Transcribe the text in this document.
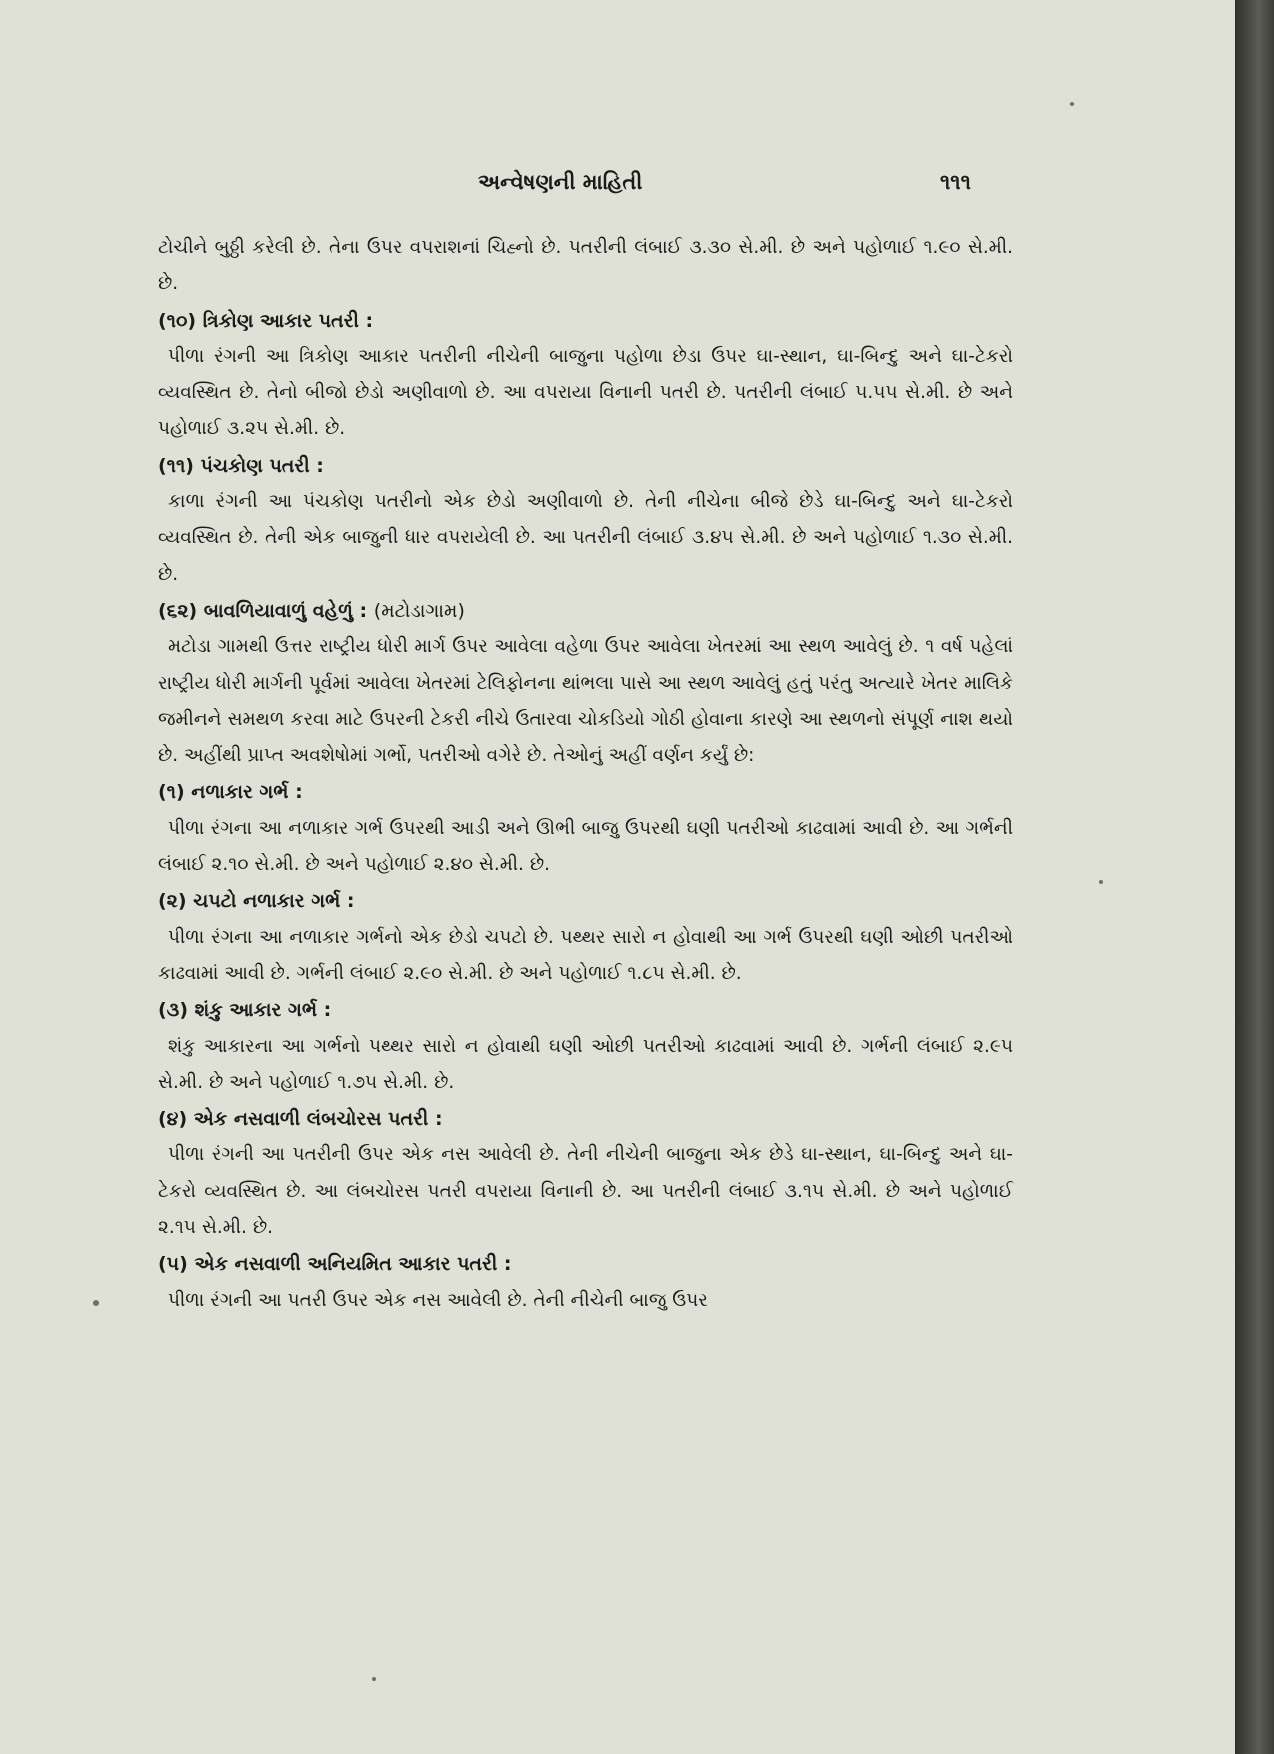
અન્વેષણની માહિતી	૧૧૧

ટોચીને બુઠ્ઠી કરેલી છે. તેના ઉપર વપરાશનાં ચિહ્નો છે. પતરીની લંબાઈ ૩.૩૦ સે.મી. છે અને પહોળાઈ ૧.૯૦ સે.મી. છે.

(૧૦) ત્રિકોણ આકાર પતરી :

પીળા રંગની આ ત્રિકોણ આકાર પતરીની નીચેની બાજુના પહોળા છેડા ઉપર ઘા-સ્થાન, ઘા-બિન્દુ અને ઘા-ટેકરો વ્યવસ્થિત છે. તેનો બીજો છેડો અણીવાળો છે. આ વપરાયા વિનાની પતરી છે. પતરીની લંબાઈ ૫.૫૫ સે.મી. છે અને પહોળાઈ ૩.૨૫ સે.મી. છે.

(૧૧) પંચકોણ પતરી :

કાળા રંગની આ પંચકોણ પતરીનો એક છેડો અણીવાળો છે. તેની નીચેના બીજે છેડે ઘા-બિન્દુ અને ઘા-ટેકરો વ્યવસ્થિત છે. તેની એક બાજુની ધાર વપરાયેલી છે. આ પતરીની લંબાઈ ૩.૪૫ સે.મી. છે અને પહોળાઈ ૧.૩૦ સે.મી. છે.

(૬૨) બાવળિયાવાળું વહેળું : (મટોડાગામ)

મટોડા ગામથી ઉત્તર રાષ્ટ્રીય ધોરી માર્ગ ઉપર આવેલા વહેળા ઉપર આવેલા ખેતરમાં આ સ્થળ આવેલું છે. ૧ વર્ષ પહેલાં રાષ્ટ્રીય ધોરી માર્ગની પૂર્વમાં આવેલા ખેતરમાં ટેલિફોનના થાંભલા પાસે આ સ્થળ આવેલું હતું પરંતુ અત્યારે ખેતર માલિકે જમીનને સમથળ કરવા માટે ઉપરની ટેકરી નીચે ઉતારવા ચોકડિયો ગોઠી હોવાના કારણે આ સ્થળનો સંપૂર્ણ નાશ થયો છે. અહીંથી પ્રાપ્ત અવશેષોમાં ગર્ભો, પતરીઓ વગેરે છે. તેઓનું અહીં વર્ણન કર્યું છે:

(૧) નળાકાર ગર્ભ :

પીળા રંગના આ નળાકાર ગર્ભ ઉપરથી આડી અને ઊભી બાજુ ઉપરથી ઘણી પતરીઓ કાઢવામાં આવી છે. આ ગર્ભની લંબાઈ ૨.૧૦ સે.મી. છે અને પહોળાઈ ૨.૪૦ સે.મી. છે.

(૨) ચપટો નળાકાર ગર્ભ :

પીળા રંગના આ નળાકાર ગર્ભનો એક છેડો ચપટો છે. પથ્થર સારો ન હોવાથી આ ગર્ભ ઉપરથી ઘણી ઓછી પતરીઓ કાઢવામાં આવી છે. ગર્ભની લંબાઈ ૨.૯૦ સે.મી. છે અને પહોળાઈ ૧.૮૫ સે.મી. છે.

(૩) શંકુ આકાર ગર્ભ :

શંકુ આકારના આ ગર્ભનો પથ્થર સારો ન હોવાથી ઘણી ઓછી પતરીઓ કાઢવામાં આવી છે. ગર્ભની લંબાઈ ૨.૯૫ સે.મી. છે અને પહોળાઈ ૧.૭૫ સે.મી. છે.

(૪) એક નસવાળી લંબચોરસ પતરી :

પીળા રંગની આ પતરીની ઉપર એક નસ આવેલી છે. તેની નીચેની બાજુના એક છેડે ઘા-સ્થાન, ઘા-બિન્દુ અને ઘા-ટેકરો વ્યવસ્થિત છે. આ લંબચોરસ પતરી વપરાયા વિનાની છે. આ પતરીની લંબાઈ ૩.૧૫ સે.મી. છે અને પહોળાઈ ૨.૧૫ સે.મી. છે.

(૫) એક નસવાળી અનિયમિત આકાર પતરી :

પીળા રંગની આ પતરી ઉપર એક નસ આવેલી છે. તેની નીચેની બાજુ ઉપર
